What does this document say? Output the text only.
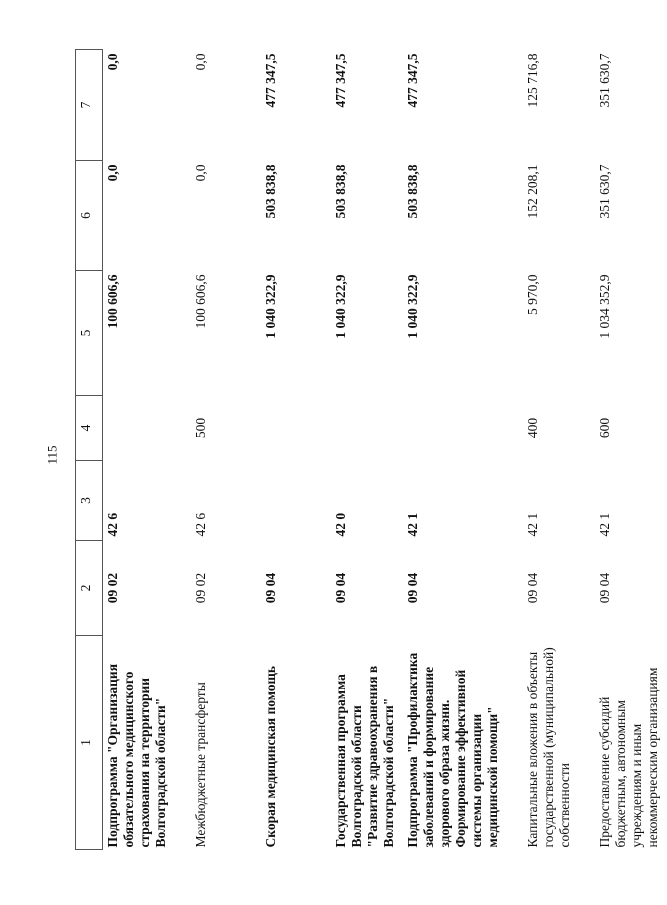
115
1	2	3	4	5	6	7
Подпрограмма "Организация обязательного медицинского страхования на территории Волгоградской области"	09 02	42 6		100 606,6	0,0	0,0
Межбюджетные трансферты	09 02	42 6	500	100 606,6	0,0	0,0
Скорая медицинская помощь	09 04			1 040 322,9	503 838,8	477 347,5
Государственная программа Волгоградской области "Развитие здравоохранения в Волгоградской области"	09 04	42 0		1 040 322,9	503 838,8	477 347,5
Подпрограмма "Профилактика заболеваний и формирование здорового образа жизни. Формирование эффективной системы организации медицинской помощи"	09 04	42 1		1 040 322,9	503 838,8	477 347,5
Капитальные вложения в объекты государственной (муниципальной) собственности	09 04	42 1	400	5 970,0	152 208,1	125 716,8
Предоставление субсидий бюджетным, автономным учреждениям и иным некоммерческим организациям	09 04	42 1	600	1 034 352,9	351 630,7	351 630,7
